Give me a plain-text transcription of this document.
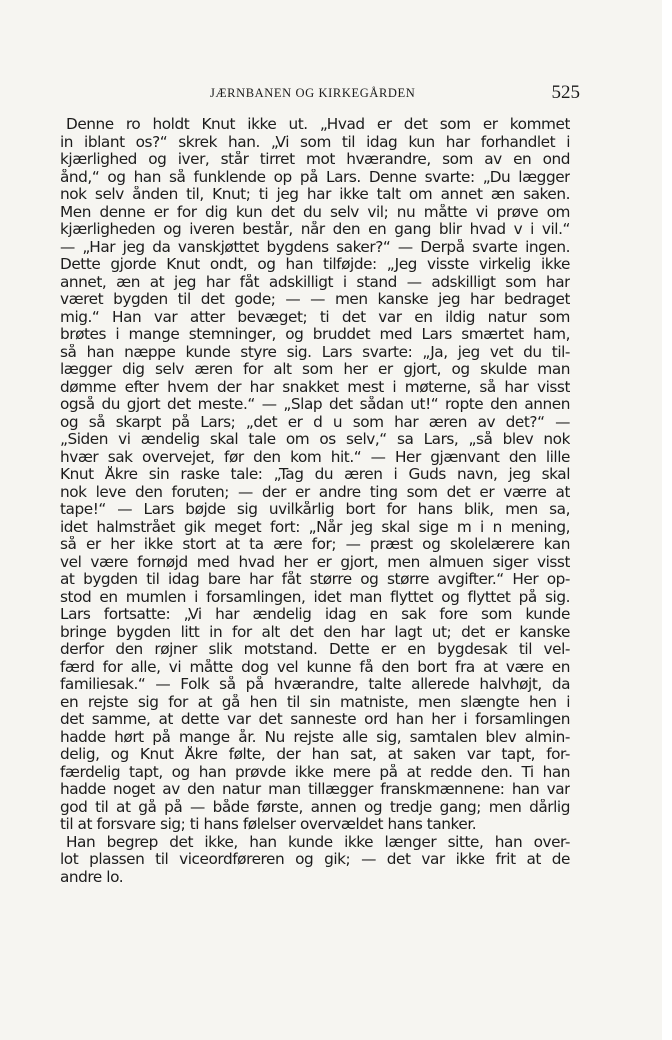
JÆRNBANEN OG KIRKEGÅRDEN	525
Denne ro holdt Knut ikke ut. „Hvad er det som er kommet
in iblant os?“ skrek han. „Vi som til idag kun har forhandlet i
kjærlighed og iver, står tirret mot hværandre, som av en ond
ånd,“ og han så funklende op på Lars. Denne svarte: „Du lægger
nok selv ånden til, Knut; ti jeg har ikke talt om annet æn saken.
Men denne er for dig kun det du selv vil; nu måtte vi prøve om
kjærligheden og iveren består, når den en gang blir hvad v i vil.“
— „Har jeg da vanskjøttet bygdens saker?“ — Derpå svarte ingen.
Dette gjorde Knut ondt, og han tilføjde: „Jeg visste virkelig ikke
annet, æn at jeg har fåt adskilligt i stand — adskilligt som har
været bygden til det gode; — — men kanske jeg har bedraget
mig.“ Han var atter bevæget; ti det var en ildig natur som
brøtes i mange stemninger, og bruddet med Lars smærtet ham,
så han næppe kunde styre sig. Lars svarte: „Ja, jeg vet du til-
lægger dig selv æren for alt som her er gjort, og skulde man
dømme efter hvem der har snakket mest i møterne, så har visst
også du gjort det meste.“ — „Slap det sådan ut!“ ropte den annen
og så skarpt på Lars; „det er d u som har æren av det?“ —
„Siden vi ændelig skal tale om os selv,“ sa Lars, „så blev nok
hvær sak overvejet, før den kom hit.“ — Her gjænvant den lille
Knut Åkre sin raske tale: „Tag du æren i Guds navn, jeg skal
nok leve den foruten; — der er andre ting som det er værre at
tape!“ — Lars bøjde sig uvilkårlig bort for hans blik, men sa,
idet halmstrået gik meget fort: „Når jeg skal sige m i n mening,
så er her ikke stort at ta ære for; — præst og skolelærere kan
vel være fornøjd med hvad her er gjort, men almuen siger visst
at bygden til idag bare har fåt større og større avgifter.“ Her op-
stod en mumlen i forsamlingen, idet man flyttet og flyttet på sig.
Lars fortsatte: „Vi har ændelig idag en sak fore som kunde
bringe bygden litt in for alt det den har lagt ut; det er kanske
derfor den røjner slik motstand. Dette er en bygdesak til vel-
færd for alle, vi måtte dog vel kunne få den bort fra at være en
familiesak.“ — Folk så på hværandre, talte allerede halvhøjt, da
en rejste sig for at gå hen til sin matniste, men slængte hen i
det samme, at dette var det sanneste ord han her i forsamlingen
hadde hørt på mange år. Nu rejste alle sig, samtalen blev almin-
delig, og Knut Åkre følte, der han sat, at saken var tapt, for-
færdelig tapt, og han prøvde ikke mere på at redde den. Ti han
hadde noget av den natur man tillægger franskmænnene: han var
god til at gå på — både første, annen og tredje gang; men dårlig
til at forsvare sig; ti hans følelser overvældet hans tanker.
Han begrep det ikke, han kunde ikke længer sitte, han over-
lot plassen til viceordføreren og gik; — det var ikke frit at de
andre lo.
